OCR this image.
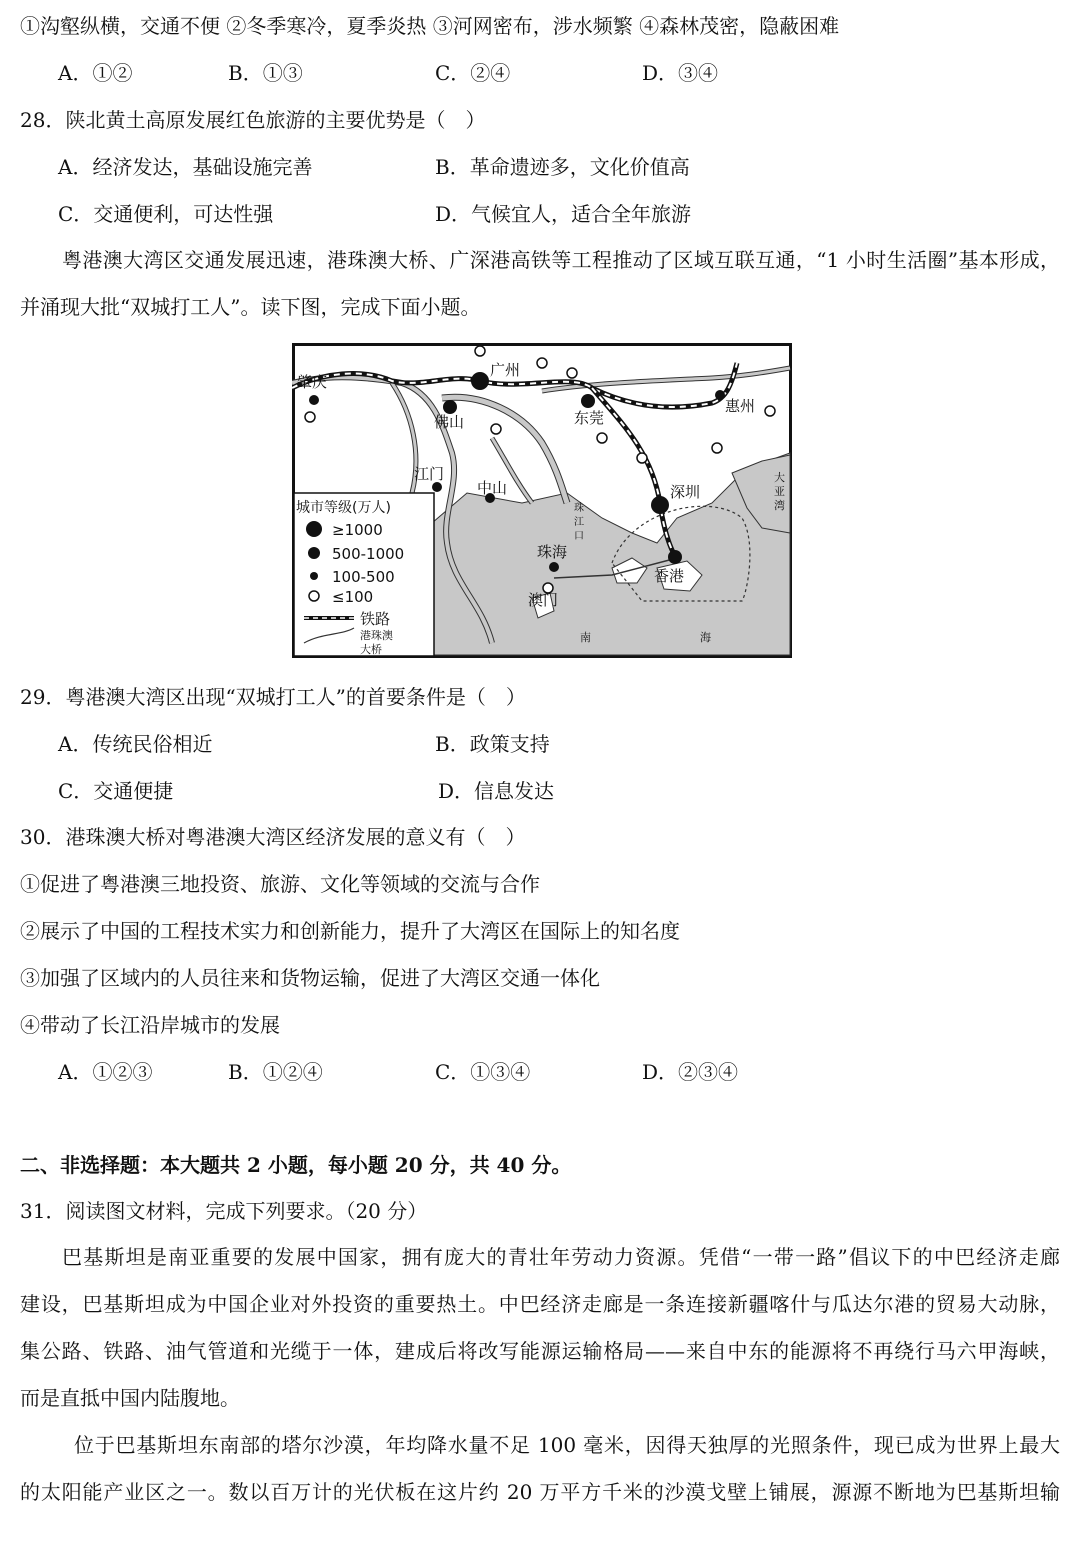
①沟壑纵横，交通不便 ②冬季寒冷，夏季炎热 ③河网密布，涉水频繁 ④森林茂密，隐蔽困难
A．①②	B．①③	C．②④	D．③④
28．陕北黄土高原发展红色旅游的主要优势是（　）
A．经济发达，基础设施完善	B．革命遗迹多，文化价值高
C．交通便利，可达性强	D．气候宜人，适合全年旅游
粤港澳大湾区交通发展迅速，港珠澳大桥、广深港高铁等工程推动了区域互联互通，“1 小时生活圈”基本形成，
并涌现大批“双城打工人”。读下图，完成下面小题。
广州
肇庆
佛山	东莞
惠州
江门
中山	深圳
珠海
香港
澳门
大
亚
湾
珠
江
口
南	海
城市等级(万人)
≥1000
500-1000
100-500
≤100
铁路
港珠澳
大桥
29．粤港澳大湾区出现“双城打工人”的首要条件是（　）
A．传统民俗相近	B．政策支持
C．交通便捷	D．信息发达
30．港珠澳大桥对粤港澳大湾区经济发展的意义有（　）
①促进了粤港澳三地投资、旅游、文化等领域的交流与合作
②展示了中国的工程技术实力和创新能力，提升了大湾区在国际上的知名度
③加强了区域内的人员往来和货物运输，促进了大湾区交通一体化
④带动了长江沿岸城市的发展
A．①②③	B．①②④	C．①③④	D．②③④
二、非选择题：本大题共 2 小题，每小题 20 分，共 40 分。
31．阅读图文材料，完成下列要求。（20 分）
巴基斯坦是南亚重要的发展中国家，拥有庞大的青壮年劳动力资源。凭借“一带一路”倡议下的中巴经济走廊
建设，巴基斯坦成为中国企业对外投资的重要热土。中巴经济走廊是一条连接新疆喀什与瓜达尔港的贸易大动脉，
集公路、铁路、油气管道和光缆于一体，建成后将改写能源运输格局——来自中东的能源将不再绕行马六甲海峡，
而是直抵中国内陆腹地。
位于巴基斯坦东南部的塔尔沙漠，年均降水量不足 100 毫米，因得天独厚的光照条件，现已成为世界上最大
的太阳能产业区之一。数以百万计的光伏板在这片约 20 万平方千米的沙漠戈壁上铺展，源源不断地为巴基斯坦输
